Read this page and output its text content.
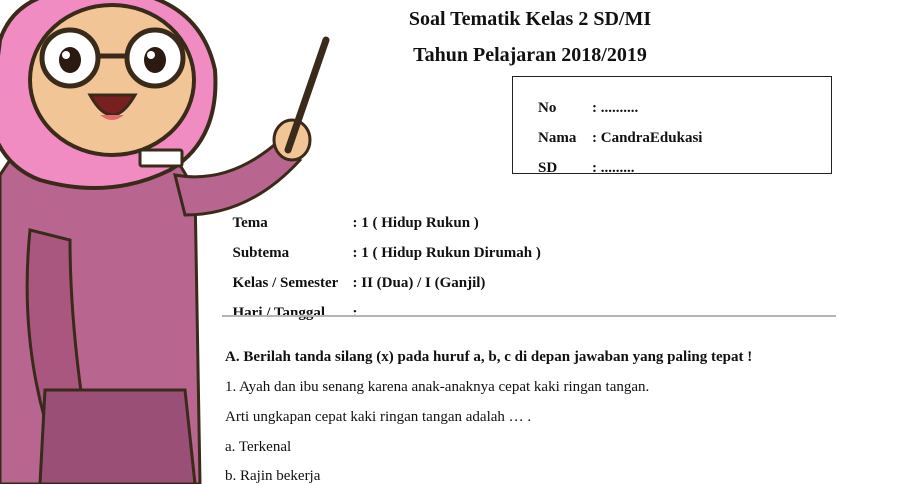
Soal Tematik Kelas 2 SD/MI
Tahun Pelajaran 2018/2019

No : ..........

Nama : CandraEdukasi

SD : .........

Tema	: 1 ( Hidup Rukun )

Subtema	: 1 ( Hidup Rukun Dirumah )

Kelas / Semester : II (Dua) / I (Ganjil)

Hari / Tanggal :

A. Berilah tanda silang (x) pada huruf a, b, c di depan jawaban yang paling tepat !
1. Ayah dan ibu senang karena anak-anaknya cepat kaki ringan tangan.
Arti ungkapan cepat kaki ringan tangan adalah … .
a. Terkenal
b. Rajin bekerja
